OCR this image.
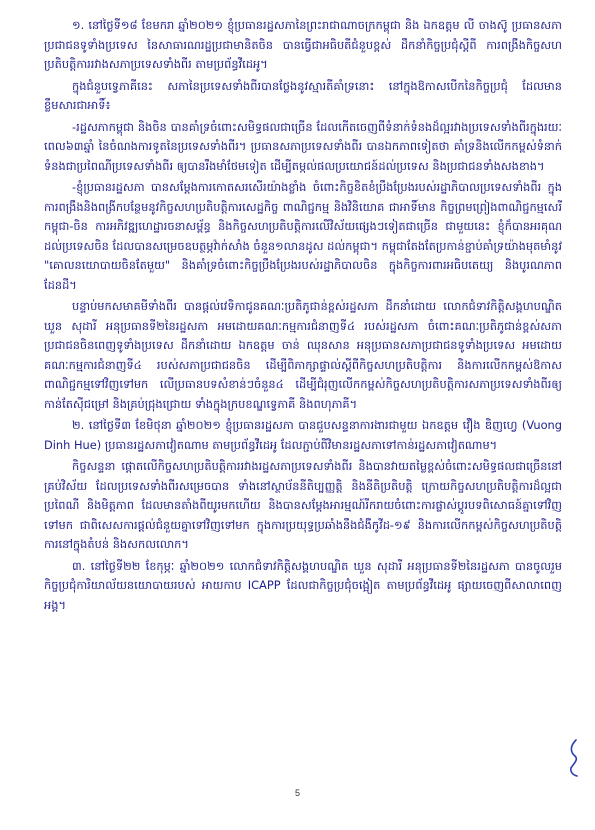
១. នៅថ្ងៃទី១៨ ខែមករា ឆ្នាំ២០២១ ខ្ញុំប្រធានរដ្ឋសភានៃព្រះរាជាណាចក្រកម្ពុជា និង ឯកឧត្តម លី ចាងស៊ូ ប្រធានសភាប្រជាជនទូទាំងប្រទេស នៃសាធារណរដ្ឋប្រជាមានិតចិន បានធ្វើជាអធិបតីជំនួបខ្ពស់ ដឹកនាំកិច្ចប្រជុំស្ដីពី ការពង្រឹងកិច្ចសហប្រតិបត្តិការរវាងសភាប្រទេសទាំងពីរ តាមប្រព័ន្ធវីដេអូ។

ក្នុងជំនួបទ្វេភាគីនេះ សភានៃប្រទេសទាំងពីរបានថ្លែងនូវស្មារតីគាំទ្រនោះ នៅក្នុងឱកាសបើកនៃកិច្ចប្រជុំ ដែលមានខ្លឹមសារជាអាទិ៍៖

-រដ្ឋសភាកម្ពុជា និងចិន បានគាំទ្រចំពោះសមិទ្ធផលជាច្រើន ដែលកើតចេញពីទំនាក់ទំនងដ៏ល្អរវាងប្រទេសទាំងពីរក្នុងរយៈពេល៦៣ឆ្នាំ នៃចំណងការទូតនៃប្រទេសទាំងពីរ។ ប្រធានសភាប្រទេសទាំងពីរ បានឯកភាពទៀតថា គាំទ្រនិងលើកកម្ពស់ទំនាក់ទំនងជាប្រពៃណីប្រទេសទាំងពីរ ឲ្យបានរឹងមាំថែមទៀត ដើម្បីតម្កល់ផលប្រយោជន៍ដល់ប្រទេស និងប្រជាជនទាំងសងខាង។

-ខ្ញុំប្រធានរដ្ឋសភា បានសម្តែងការកោតសរសើរយ៉ាងខ្លាំង ចំពោះកិច្ចខិតខំប្រឹងប្រែងរបស់រដ្ឋាភិបាលប្រទេសទាំងពីរ ក្នុងការពង្រឹងនិងពង្រីកបន្ថែមនូវកិច្ចសហប្រតិបត្តិការសេដ្ឋកិច្ច ពាណិជ្ជកម្ម និងវិនិយោគ ជាអាទិ៍មាន កិច្ចព្រមព្រៀងពាណិជ្ជកម្មសេរីកម្ពុជា-ចិន ការអភិវឌ្ឍហេដ្ឋារចនាសម្ព័ន្ធ និងកិច្ចសហប្រតិបត្តិការលើវិស័យផ្សេងៗទៀតជាច្រើន ជាមួយនេះ ខ្ញុំក៏បានអរគុណដល់ប្រទេសចិន ដែលបានសម្រេចឧបត្ថម្ភវ៉ាក់សាំង ចំនួន១លានដូស ដល់កម្ពុជា។ កម្ពុជាតែងតែប្រកាន់ខ្ជាប់គាំទ្រយ៉ាងមុតមាំនូវ "គោលនយោបាយចិនតែមួយ" និងគាំទ្រចំពោះកិច្ចប្រឹងប្រែងរបស់រដ្ឋាភិបាលចិន ក្នុងកិច្ចការពារអធិបតេយ្យ និងបូរណភាពដែនដី។

បន្ទាប់មកសមាគមីទាំងពីរ បានផ្ដល់វេទិកាជូនគណៈប្រតិភូជាន់ខ្ពស់រដ្ឋសភា ដឹកនាំដោយ លោកជំទាវកិត្តិសង្គហបណ្ឌិត ឃួន សុដារី អនុប្រធានទី២នៃរដ្ឋសភា អមដោយគណៈកម្មការជំនាញទី៤ របស់រដ្ឋសភា ចំពោះគណៈប្រតិភូជាន់ខ្ពស់សភាប្រជាជនចិនពេញទូទាំងប្រទេស ដឹកនាំដោយ ឯកឧត្តម ចាន់ ឈុនសាន អនុប្រធានសភាប្រជាជនទូទាំងប្រទេស អមដោយគណៈកម្មការជំនាញទី៤ របស់សភាប្រជាជនចិន ដើម្បីពិភាក្សាផ្ទាល់ស្តីពីកិច្ចសហប្រតិបត្តិការ និងការលើកកម្ពស់ឱកាសពាណិជ្ជកម្មទៅវិញទៅមក លើប្រធានបទសំខាន់ៗចំនួន៤ ដើម្បីជំរុញលើកកម្ពស់កិច្ចសហប្រតិបត្តិការសភាប្រទេសទាំងពីរឲ្យកាន់តែស៊ីជម្រៅ និងគ្រប់ជ្រុងជ្រោយ ទាំងក្នុងក្របខណ្ឌទ្វេភាគី និងពហុភាគី។

២. នៅថ្ងៃទី៣ ខែមិថុនា ឆ្នាំ២០២១ ខ្ញុំប្រធានរដ្ឋសភា បានជួបសន្ទនាការងារជាមួយ ឯកឧត្តម វឿង ឌិញហ្វេ (Vuong Dinh Hue) ប្រធានរដ្ឋសភាវៀតណាម តាមប្រព័ន្ធវីដេអូ ដែលភ្ជាប់ពីវិមានរដ្ឋសភាទៅកាន់រដ្ឋសភាវៀតណាម។

កិច្ចសន្ទនា ផ្ដោតលើកិច្ចសហប្រតិបត្តិការរវាងរដ្ឋសភាប្រទេសទាំងពីរ និងបានវាយតម្លៃខ្ពស់ចំពោះសមិទ្ធផលជាច្រើននៅគ្រប់វិស័យ ដែលប្រទេសទាំងពីរសម្រេចបាន ទាំងនៅស្ថាប័ននីតិប្បញ្ញត្តិ និងនីតិប្រតិបត្តិ ក្រោយកិច្ចសហប្រតិបត្តិការដ៏ល្អជាប្រពៃណី និងមិត្តភាព ដែលមានតាំងពីយូរមកហើយ និងបានសម្តែងអារម្មណ៍រីករាយចំពោះការផ្លាស់ប្ដូរបទពិសោធន៍គ្នាទៅវិញទៅមក ជាពិសេសការផ្ដល់ជំនួយគ្នាទៅវិញទៅមក ក្នុងការប្រយុទ្ធប្រឆាំងនឹងជំងឺកូវីដ-១៩ និងការលើកកម្ពស់កិច្ចសហប្រតិបត្តិការនៅក្នុងតំបន់ និងសកលលោក។

៣. នៅថ្ងៃទី២២ ខែកុម្ភៈ ឆ្នាំ២០២១ លោកជំទាវកិត្តិសង្គហបណ្ឌិត ឃួន សុដារី អនុប្រធានទី២នៃរដ្ឋសភា បានចូលរួមកិច្ចប្រជុំការិយាល័យនយោបាយរបស់ អាយកាប ICAPP ដែលជាកិច្ចប្រជុំចង្អៀត តាមប្រព័ន្ធវីដេអូ ផ្សាយចេញពីសាលាពេញអង្គ។

5
